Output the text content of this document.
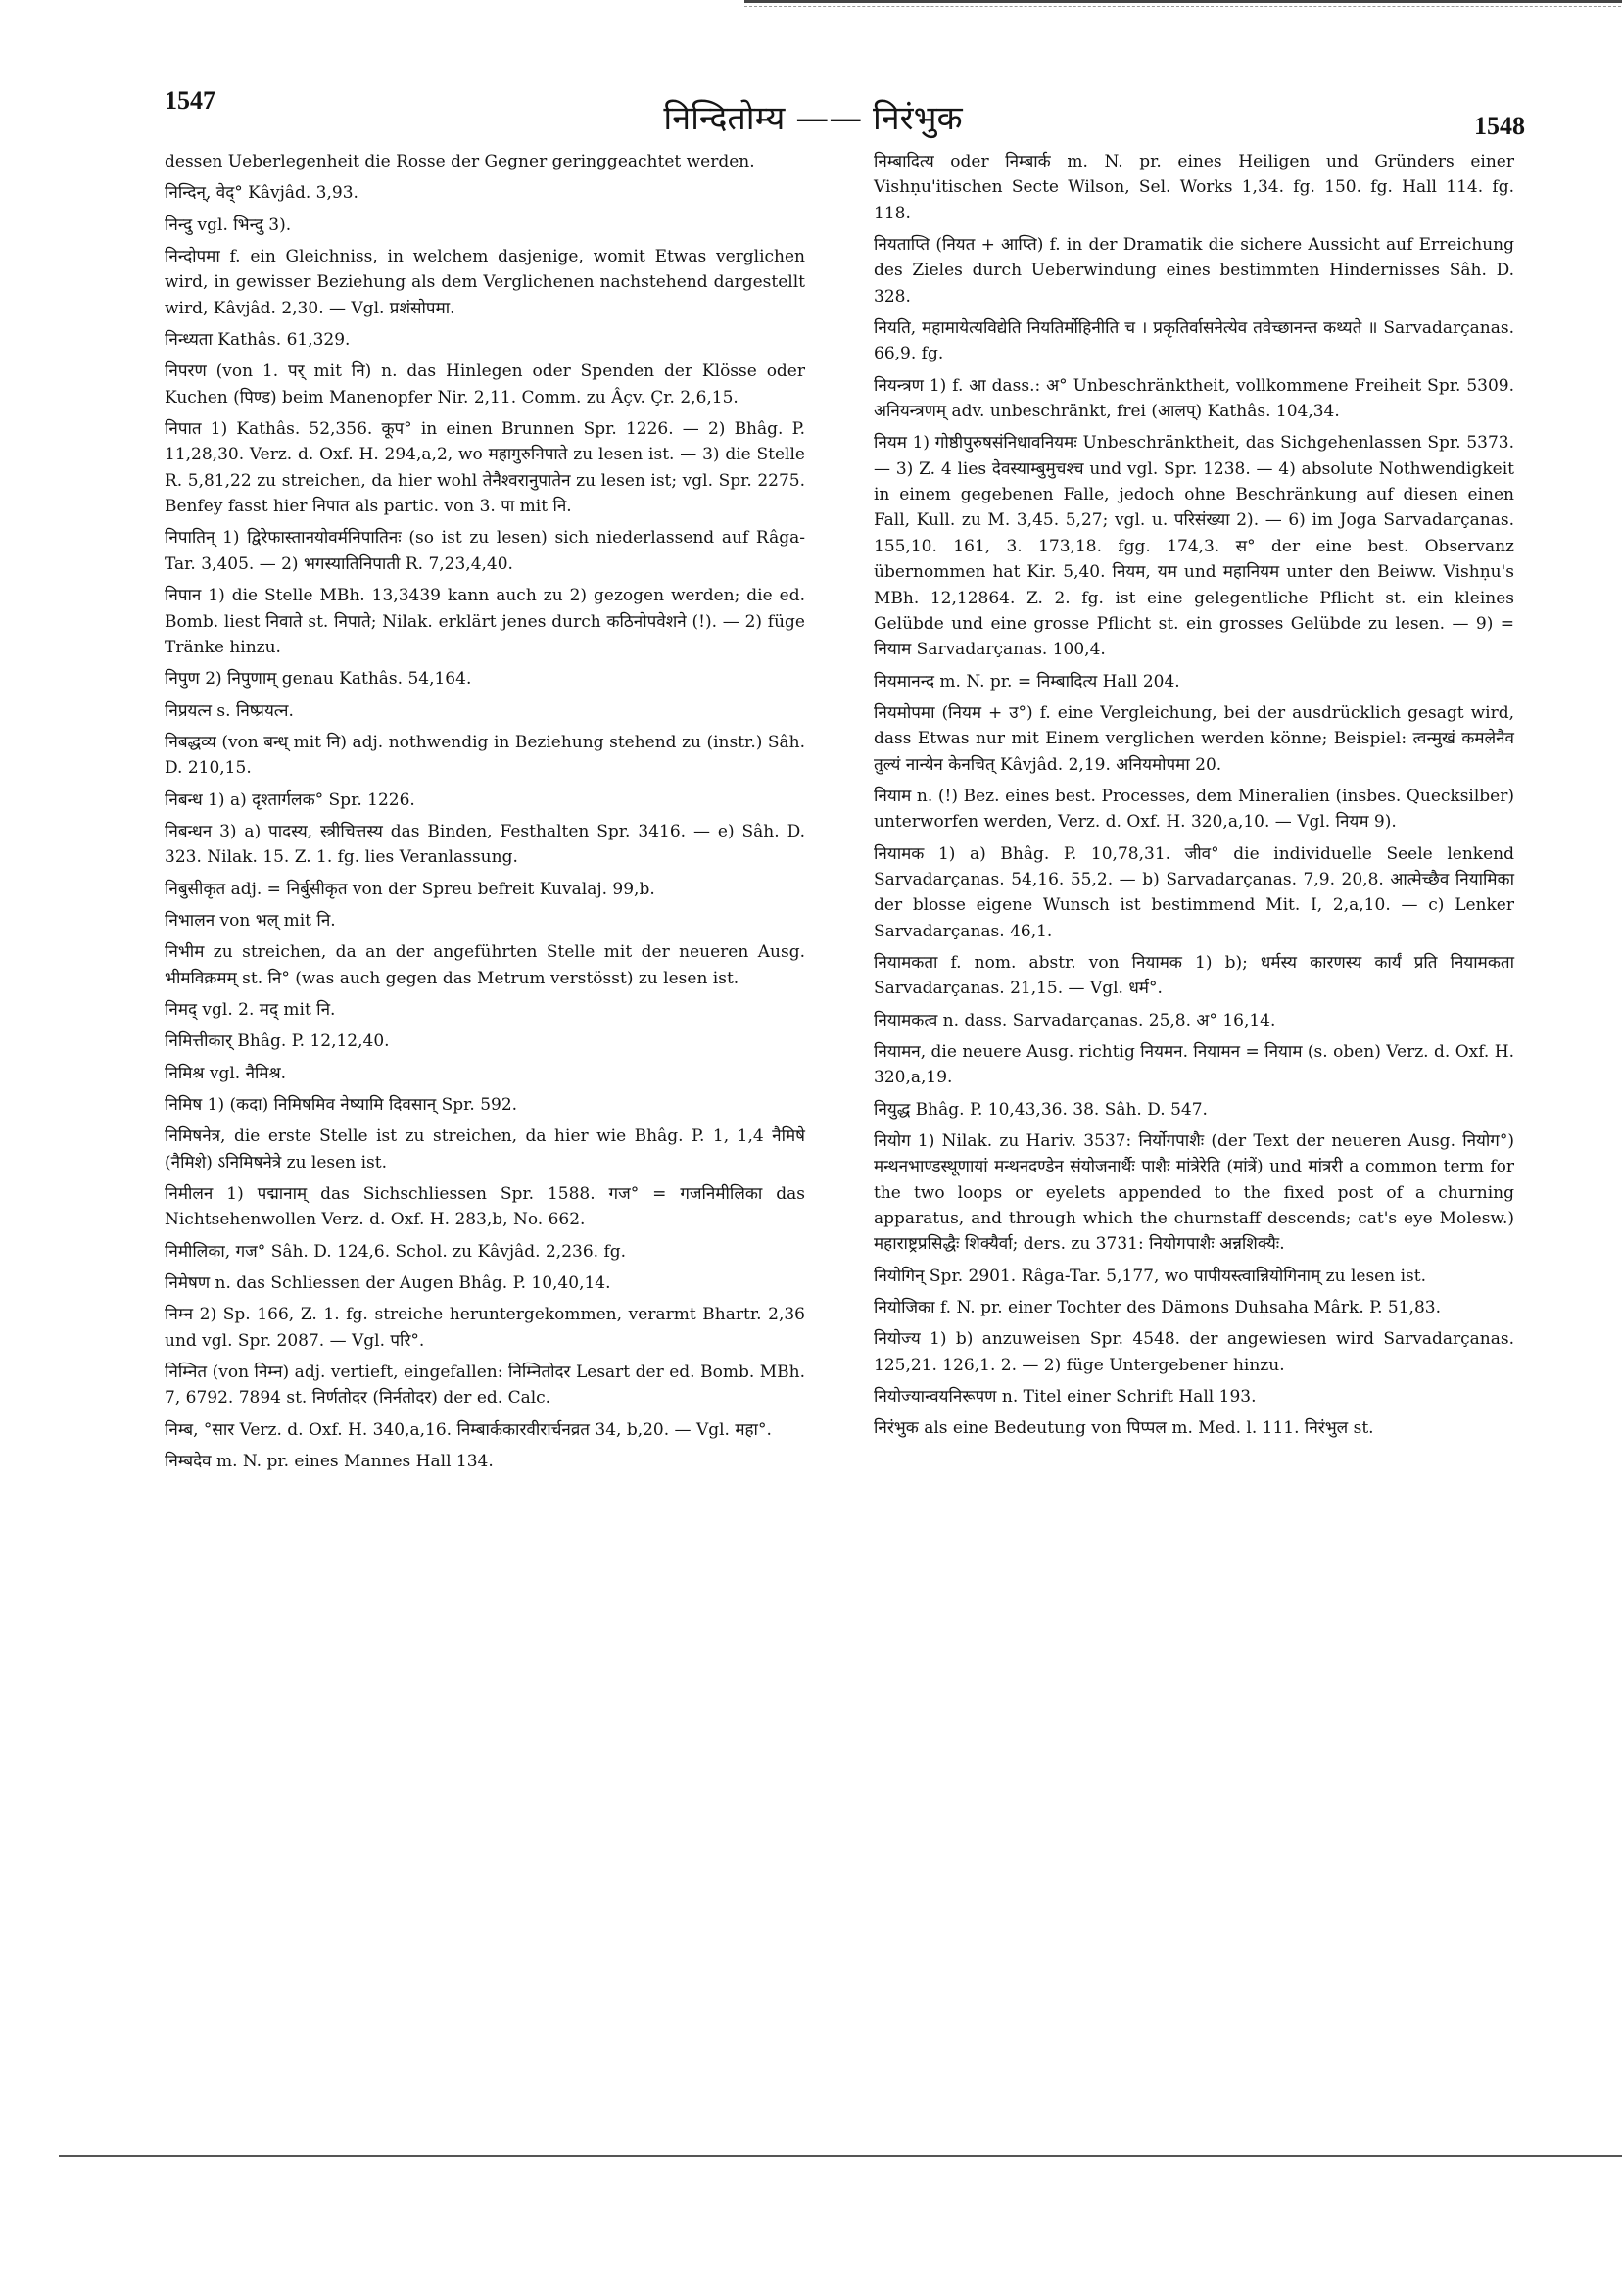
1547	निन्दितोम्य —— निरंभुक	1548

dessen Ueberlegenheit die Rosse der Gegner geringgeachtet werden.

निन्दिन्, वेद्° Kâvjâd. 3,93.

निन्दु vgl. भिन्दु 3).

निन्दोपमा f. ein Gleichniss, in welchem dasjenige, womit Etwas verglichen wird, in gewisser Beziehung als dem Verglichenen nachstehend dargestellt wird, Kâvjâd. 2,30. — Vgl. प्रशंसोपमा.

निन्ध्यता Kathâs. 61,329.

निपरण (von 1. पर् mit नि) n. das Hinlegen oder Spenden der Klösse oder Kuchen (पिण्ड) beim Manenopfer Nir. 2,11. Comm. zu Âçv. Çr. 2,6,15.

निपात 1) Kathâs. 52,356. कूप° in einen Brunnen Spr. 1226. — 2) Bhâg. P. 11,28,30. Verz. d. Oxf. H. 294,a,2, wo महागुरुनिपाते zu lesen ist. — 3) die Stelle R. 5,81,22 zu streichen, da hier wohl तेनैश्वरानुपातेन zu lesen ist; vgl. Spr. 2275. Benfey fasst hier निपात als partic. von 3. पा mit नि.

निपातिन् 1) द्विरेफास्तानयोवर्मनिपातिनः (so ist zu lesen) sich niederlassend auf Râga-Tar. 3,405. — 2) भगस्यातिनिपाती R. 7,23,4,40.

निपान 1) die Stelle MBh. 13,3439 kann auch zu 2) gezogen werden; die ed. Bomb. liest निवाते st. निपाते; Nilak. erklärt jenes durch कठिनोपवेशने (!). — 2) füge Tränke hinzu.

निपुण 2) निपुणाम् genau Kathâs. 54,164.

निप्रयत्न s. निष्प्रयत्न.

निबद्धव्य (von बन्ध् mit नि) adj. nothwendig in Beziehung stehend zu (instr.) Sâh. D. 210,15.

निबन्ध 1) a) दृश्तार्गलक° Spr. 1226.

निबन्धन 3) a) पादस्य, स्त्रीचित्तस्य das Binden, Festhalten Spr. 3416. — e) Sâh. D. 323. Nilak. 15. Z. 1. fg. lies Veranlassung.

निबुसीकृत adj. = निर्बुसीकृत von der Spreu befreit Kuvalaj. 99,b.

निभालन von भल् mit नि.

निभीम zu streichen, da an der angeführten Stelle mit der neueren Ausg. भीमविक्रमम् st. नि° (was auch gegen das Metrum verstösst) zu lesen ist.

निमद् vgl. 2. मद् mit नि.

निमित्तीकार् Bhâg. P. 12,12,40.

निमिश्र vgl. नैमिश्र.

निमिष 1) (कदा) निमिषमिव नेष्यामि दिवसान् Spr. 592.

निमिषनेत्र, die erste Stelle ist zu streichen, da hier wie Bhâg. P. 1, 1,4 नैमिषे (नैमिशे) ऽनिमिषनेत्रे zu lesen ist.

निमीलन 1) पद्मानाम् das Sichschliessen Spr. 1588. गज° = गजनिमीलिका das Nichtsehenwollen Verz. d. Oxf. H. 283,b, No. 662.

निमीलिका, गज° Sâh. D. 124,6. Schol. zu Kâvjâd. 2,236. fg.

निमेषण n. das Schliessen der Augen Bhâg. P. 10,40,14.

निम्न 2) Sp. 166, Z. 1. fg. streiche heruntergekommen, verarmt Bhartr. 2,36 und vgl. Spr. 2087. — Vgl. परि°.

निम्नित (von निम्न) adj. vertieft, eingefallen: निम्नितोदर Lesart der ed. Bomb. MBh. 7, 6792. 7894 st. निर्णतोदर (निर्नतोदर) der ed. Calc.

निम्ब, °सार Verz. d. Oxf. H. 340,a,16. निम्बार्ककारवीरार्चनव्रत 34, b,20. — Vgl. महा°.

निम्बदेव m. N. pr. eines Mannes Hall 134.

निम्बादित्य oder निम्बार्क m. N. pr. eines Heiligen und Gründers einer Vishṇu'itischen Secte Wilson, Sel. Works 1,34. fg. 150. fg. Hall 114. fg. 118.

नियताप्ति (नियत + आप्ति) f. in der Dramatik die sichere Aussicht auf Erreichung des Zieles durch Ueberwindung eines bestimmten Hindernisses Sâh. D. 328.

नियति, महामायेत्यविद्येति नियतिर्मोहिनीति च । प्रकृतिर्वासनेत्येव तवेच्छानन्त कथ्यते ॥ Sarvadarçanas. 66,9. fg.

नियन्त्रण 1) f. आ dass.: अ° Unbeschränktheit, vollkommene Freiheit Spr. 5309. अनियन्त्रणम् adv. unbeschränkt, frei (आलप्) Kathâs. 104,34.

नियम 1) गोष्ठीपुरुषसंनिधावनियमः Unbeschränktheit, das Sichgehenlassen Spr. 5373. — 3) Z. 4 lies देवस्याम्बुमुचश्च und vgl. Spr. 1238. — 4) absolute Nothwendigkeit in einem gegebenen Falle, jedoch ohne Beschränkung auf diesen einen Fall, Kull. zu M. 3,45. 5,27; vgl. u. परिसंख्या 2). — 6) im Joga Sarvadarçanas. 155,10. 161, 3. 173,18. fgg. 174,3. स° der eine best. Observanz übernommen hat Kir. 5,40. नियम, यम und महानियम unter den Beiww. Vishṇu's MBh. 12,12864. Z. 2. fg. ist eine gelegentliche Pflicht st. ein kleines Gelübde und eine grosse Pflicht st. ein grosses Gelübde zu lesen. — 9) = नियाम Sarvadarçanas. 100,4.

नियमानन्द m. N. pr. = निम्बादित्य Hall 204.

नियमोपमा (नियम + उ°) f. eine Vergleichung, bei der ausdrücklich gesagt wird, dass Etwas nur mit Einem verglichen werden könne; Beispiel: त्वन्मुखं कमलेनैव तुल्यं नान्येन केनचित् Kâvjâd. 2,19. अनियमोपमा 20.

नियाम n. (!) Bez. eines best. Processes, dem Mineralien (insbes. Quecksilber) unterworfen werden, Verz. d. Oxf. H. 320,a,10. — Vgl. नियम 9).

नियामक 1) a) Bhâg. P. 10,78,31. जीव° die individuelle Seele lenkend Sarvadarçanas. 54,16. 55,2. — b) Sarvadarçanas. 7,9. 20,8. आत्मेच्छैव नियामिका der blosse eigene Wunsch ist bestimmend Mit. I, 2,a,10. — c) Lenker Sarvadarçanas. 46,1.

नियामकता f. nom. abstr. von नियामक 1) b); धर्मस्य कारणस्य कार्यं प्रति नियामकता Sarvadarçanas. 21,15. — Vgl. धर्म°.

नियामकत्व n. dass. Sarvadarçanas. 25,8. अ° 16,14.

नियामन, die neuere Ausg. richtig नियमन. नियामन = नियाम (s. oben) Verz. d. Oxf. H. 320,a,19.

नियुद्ध Bhâg. P. 10,43,36. 38. Sâh. D. 547.

नियोग 1) Nilak. zu Hariv. 3537: निर्योगपाशैः (der Text der neueren Ausg. नियोग°) मन्थनभाण्डस्थूणायां मन्थनदण्डेन संयोजनार्थैः पाशैः मांत्रेरेति (मांत्रें) und मांत्ररी a common term for the two loops or eyelets appended to the fixed post of a churning apparatus, and through which the churnstaff descends; cat's eye Molesw.) महाराष्ट्रप्रसिद्धैः शिक्यैर्वा; ders. zu 3731: नियोगपाशैः अन्नशिक्यैः.

नियोगिन् Spr. 2901. Râga-Tar. 5,177, wo पापीयस्त्वान्नियोगिनाम् zu lesen ist.

नियोजिका f. N. pr. einer Tochter des Dämons Duḥsaha Mârk. P. 51,83.

नियोज्य 1) b) anzuweisen Spr. 4548. der angewiesen wird Sarvadarçanas. 125,21. 126,1. 2. — 2) füge Untergebener hinzu.

नियोज्यान्वयनिरूपण n. Titel einer Schrift Hall 193.

निरंभुक als eine Bedeutung von पिप्पल m. Med. l. 111. निरंभुल st.
